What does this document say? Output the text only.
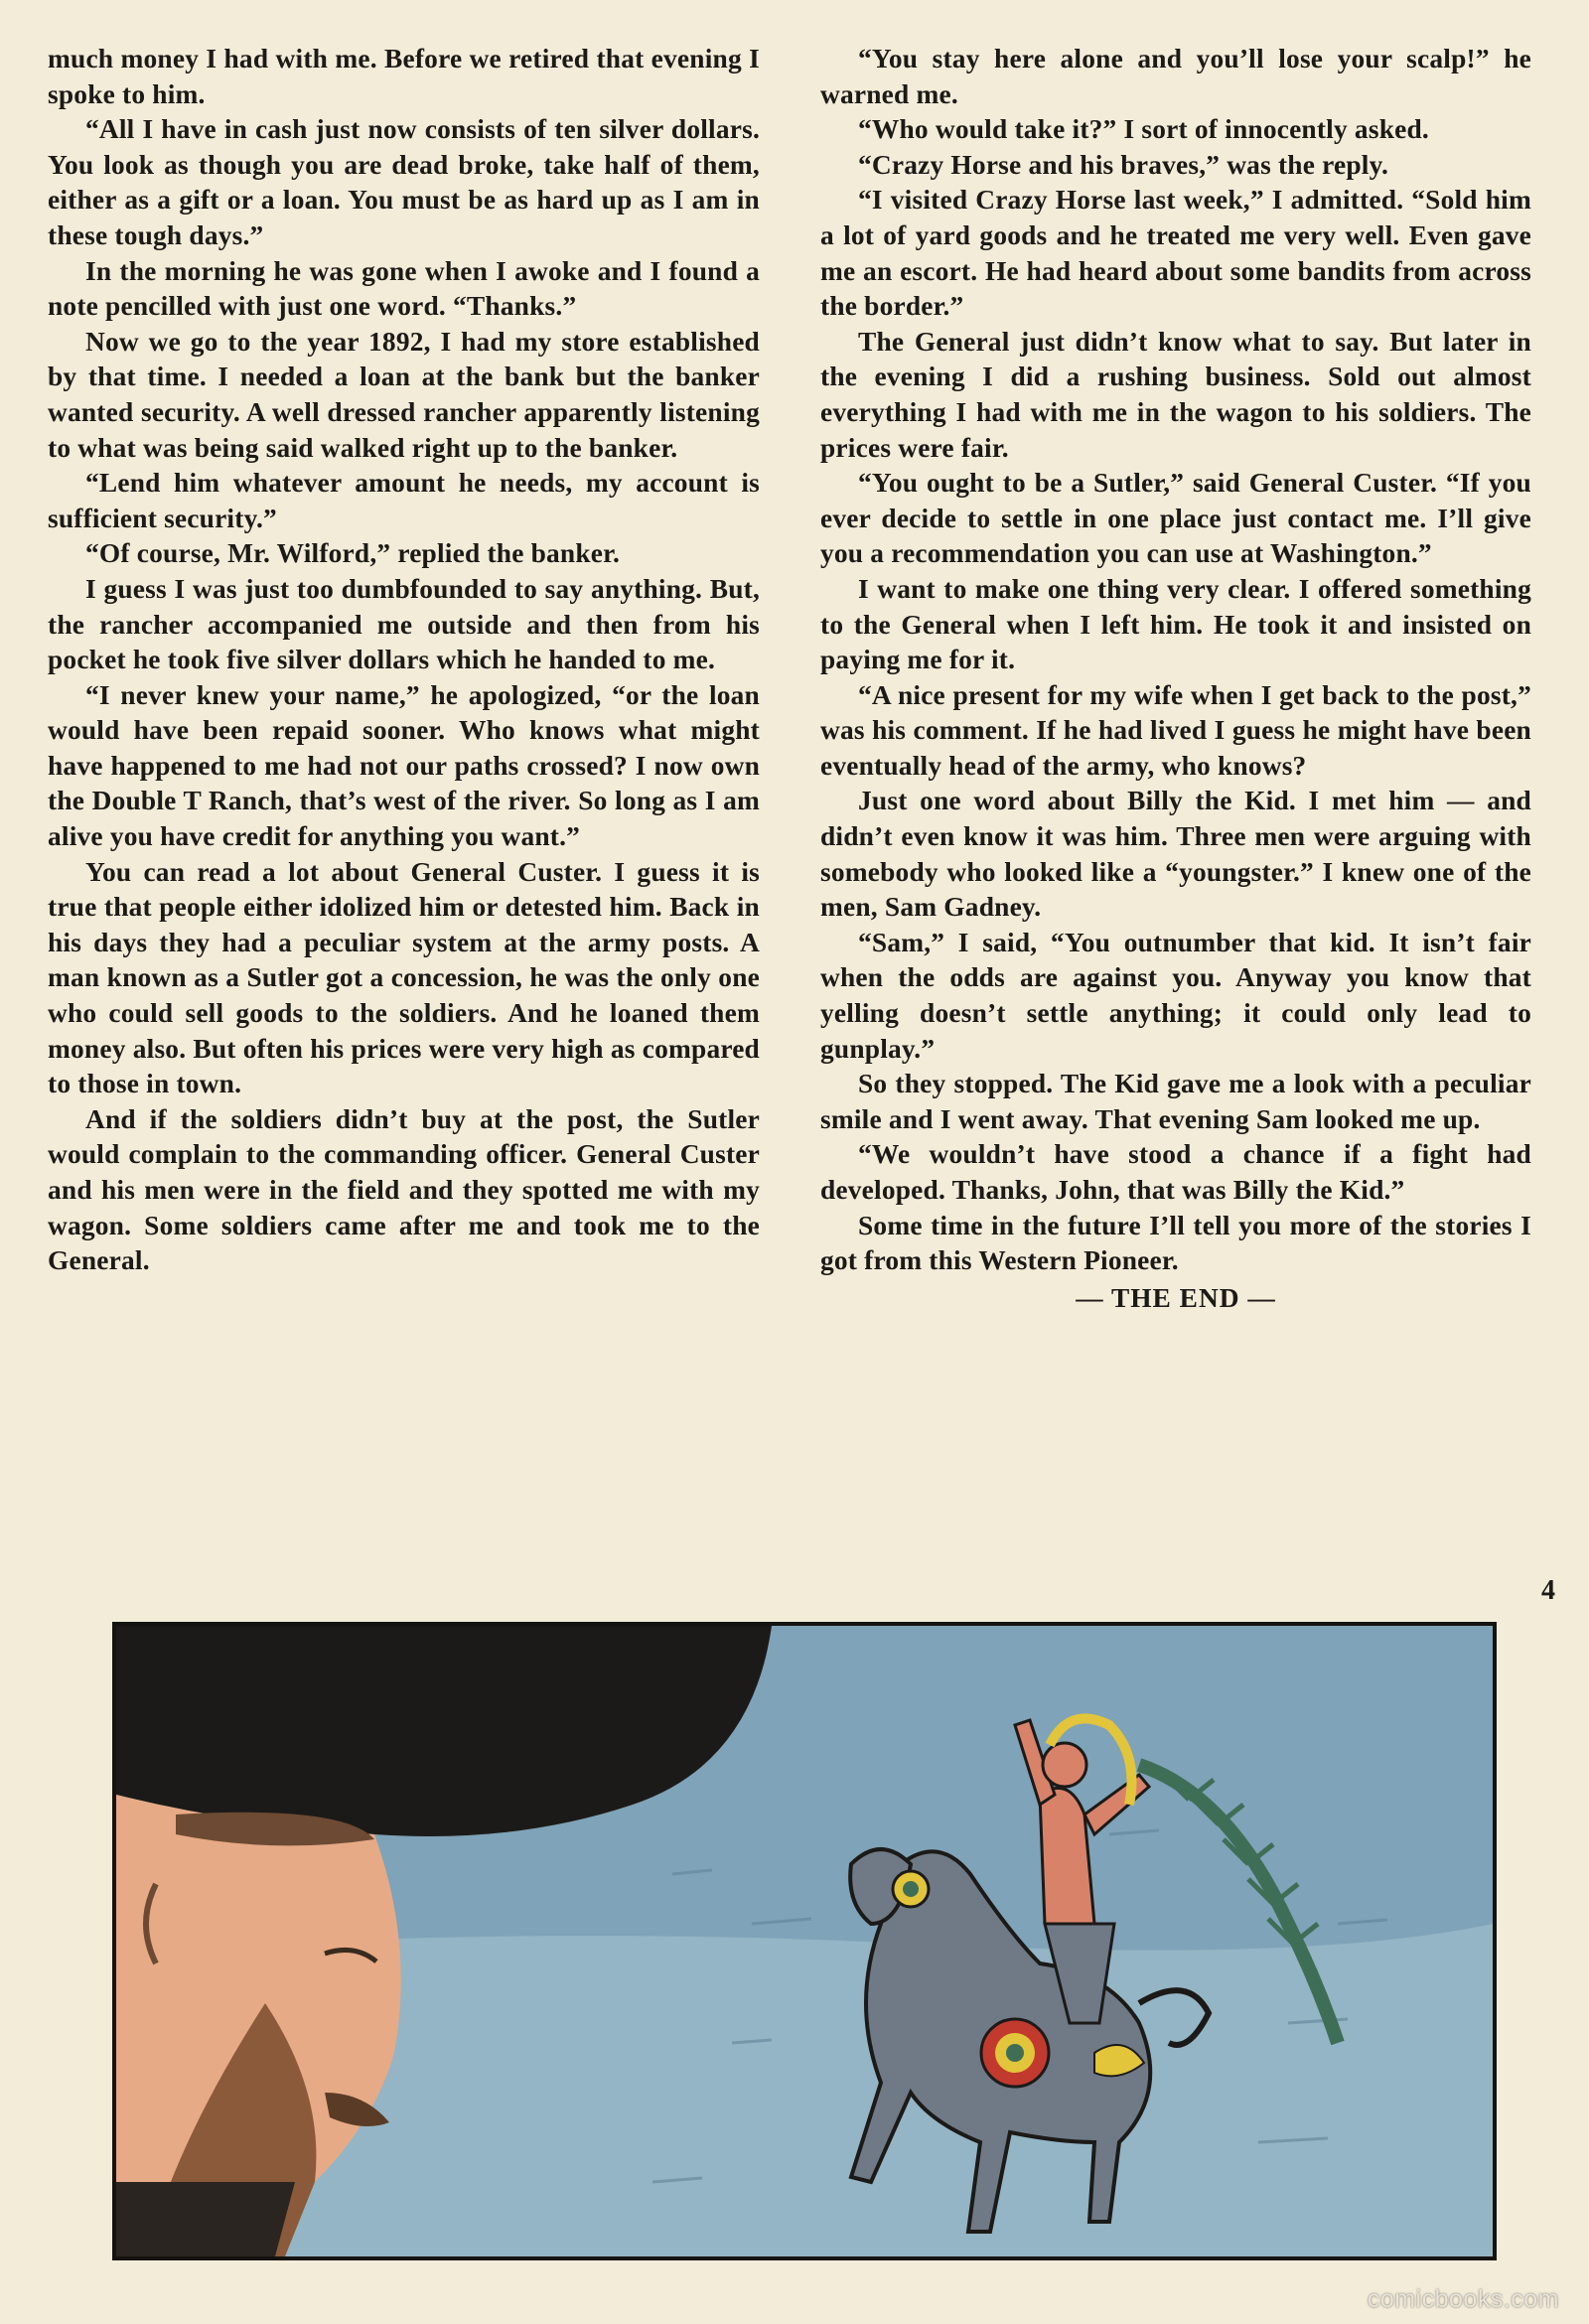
much money I had with me. Before we retired that evening I spoke to him.

“All I have in cash just now consists of ten silver dollars. You look as though you are dead broke, take half of them, either as a gift or a loan. You must be as hard up as I am in these tough days.”

In the morning he was gone when I awoke and I found a note pencilled with just one word. “Thanks.”

Now we go to the year 1892, I had my store established by that time. I needed a loan at the bank but the banker wanted security. A well dressed rancher apparently listening to what was being said walked right up to the banker.

“Lend him whatever amount he needs, my account is sufficient security.”

“Of course, Mr. Wilford,” replied the banker.

I guess I was just too dumbfounded to say anything. But, the rancher accompanied me outside and then from his pocket he took five silver dollars which he handed to me.

“I never knew your name,” he apologized, “or the loan would have been repaid sooner. Who knows what might have happened to me had not our paths crossed? I now own the Double T Ranch, that’s west of the river. So long as I am alive you have credit for anything you want.”

You can read a lot about General Custer. I guess it is true that people either idolized him or detested him. Back in his days they had a peculiar system at the army posts. A man known as a Sutler got a concession, he was the only one who could sell goods to the soldiers. And he loaned them money also. But often his prices were very high as compared to those in town.

And if the soldiers didn’t buy at the post, the Sutler would complain to the commanding officer. General Custer and his men were in the field and they spotted me with my wagon. Some soldiers came after me and took me to the General.

“You stay here alone and you’ll lose your scalp!” he warned me.

“Who would take it?” I sort of innocently asked.

“Crazy Horse and his braves,” was the reply.

“I visited Crazy Horse last week,” I admitted. “Sold him a lot of yard goods and he treated me very well. Even gave me an escort. He had heard about some bandits from across the border.”

The General just didn’t know what to say. But later in the evening I did a rushing business. Sold out almost everything I had with me in the wagon to his soldiers. The prices were fair.

“You ought to be a Sutler,” said General Custer. “If you ever decide to settle in one place just contact me. I’ll give you a recommendation you can use at Washington.”

I want to make one thing very clear. I offered something to the General when I left him. He took it and insisted on paying me for it.

“A nice present for my wife when I get back to the post,” was his comment. If he had lived I guess he might have been eventually head of the army, who knows?

Just one word about Billy the Kid. I met him — and didn’t even know it was him. Three men were arguing with somebody who looked like a “youngster.” I knew one of the men, Sam Gadney.

“Sam,” I said, “You outnumber that kid. It isn’t fair when the odds are against you. Anyway you know that yelling doesn’t settle anything; it could only lead to gunplay.”

So they stopped. The Kid gave me a look with a peculiar smile and I went away. That evening Sam looked me up.

“We wouldn’t have stood a chance if a fight had developed. Thanks, John, that was Billy the Kid.”

Some time in the future I’ll tell you more of the stories I got from this Western Pioneer.

— THE END —

4
comicbooks.com
